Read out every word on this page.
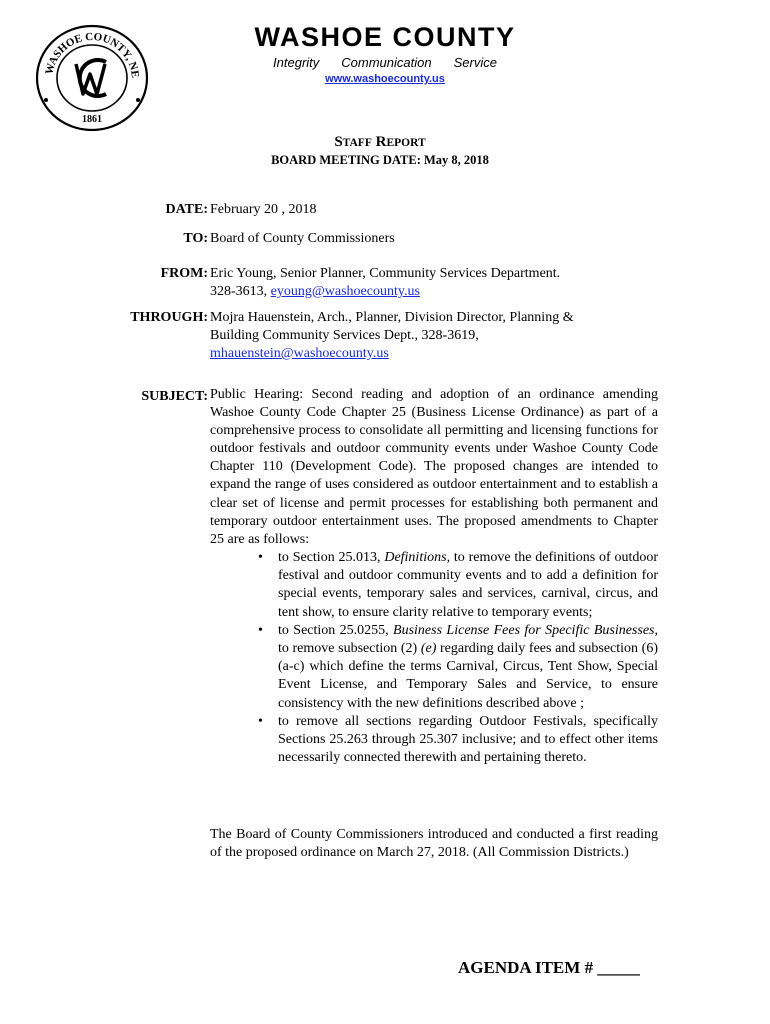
WASHOE COUNTY, NE
1861
WASHOE COUNTY
Integrity Communication Service
www.washoecounty.us
STAFF REPORT
BOARD MEETING DATE: May 8, 2018
DATE: February 20 , 2018
TO: Board of County Commissioners
FROM: Eric Young, Senior Planner, Community Services Department.
328-3613, eyoung@washoecounty.us
THROUGH: Mojra Hauenstein, Arch., Planner, Division Director, Planning & Building Community Services Dept., 328-3619,
mhauenstein@washoecounty.us
SUBJECT: Public Hearing: Second reading and adoption of an ordinance amending Washoe County Code Chapter 25 (Business License Ordinance) as part of a comprehensive process to consolidate all permitting and licensing functions for outdoor festivals and outdoor community events under Washoe County Code Chapter 110 (Development Code). The proposed changes are intended to expand the range of uses considered as outdoor entertainment and to establish a clear set of license and permit processes for establishing both permanent and temporary outdoor entertainment uses. The proposed amendments to Chapter 25 are as follows:
• to Section 25.013, Definitions, to remove the definitions of outdoor festival and outdoor community events and to add a definition for special events, temporary sales and services, carnival, circus, and tent show, to ensure clarity relative to temporary events;
• to Section 25.0255, Business License Fees for Specific Businesses, to remove subsection (2) (e) regarding daily fees and subsection (6)(a-c) which define the terms Carnival, Circus, Tent Show, Special Event License, and Temporary Sales and Service, to ensure consistency with the new definitions described above ;
• to remove all sections regarding Outdoor Festivals, specifically Sections 25.263 through 25.307 inclusive; and to effect other items necessarily connected therewith and pertaining thereto.
The Board of County Commissioners introduced and conducted a first reading of the proposed ordinance on March 27, 2018. (All Commission Districts.)
AGENDA ITEM # _____
